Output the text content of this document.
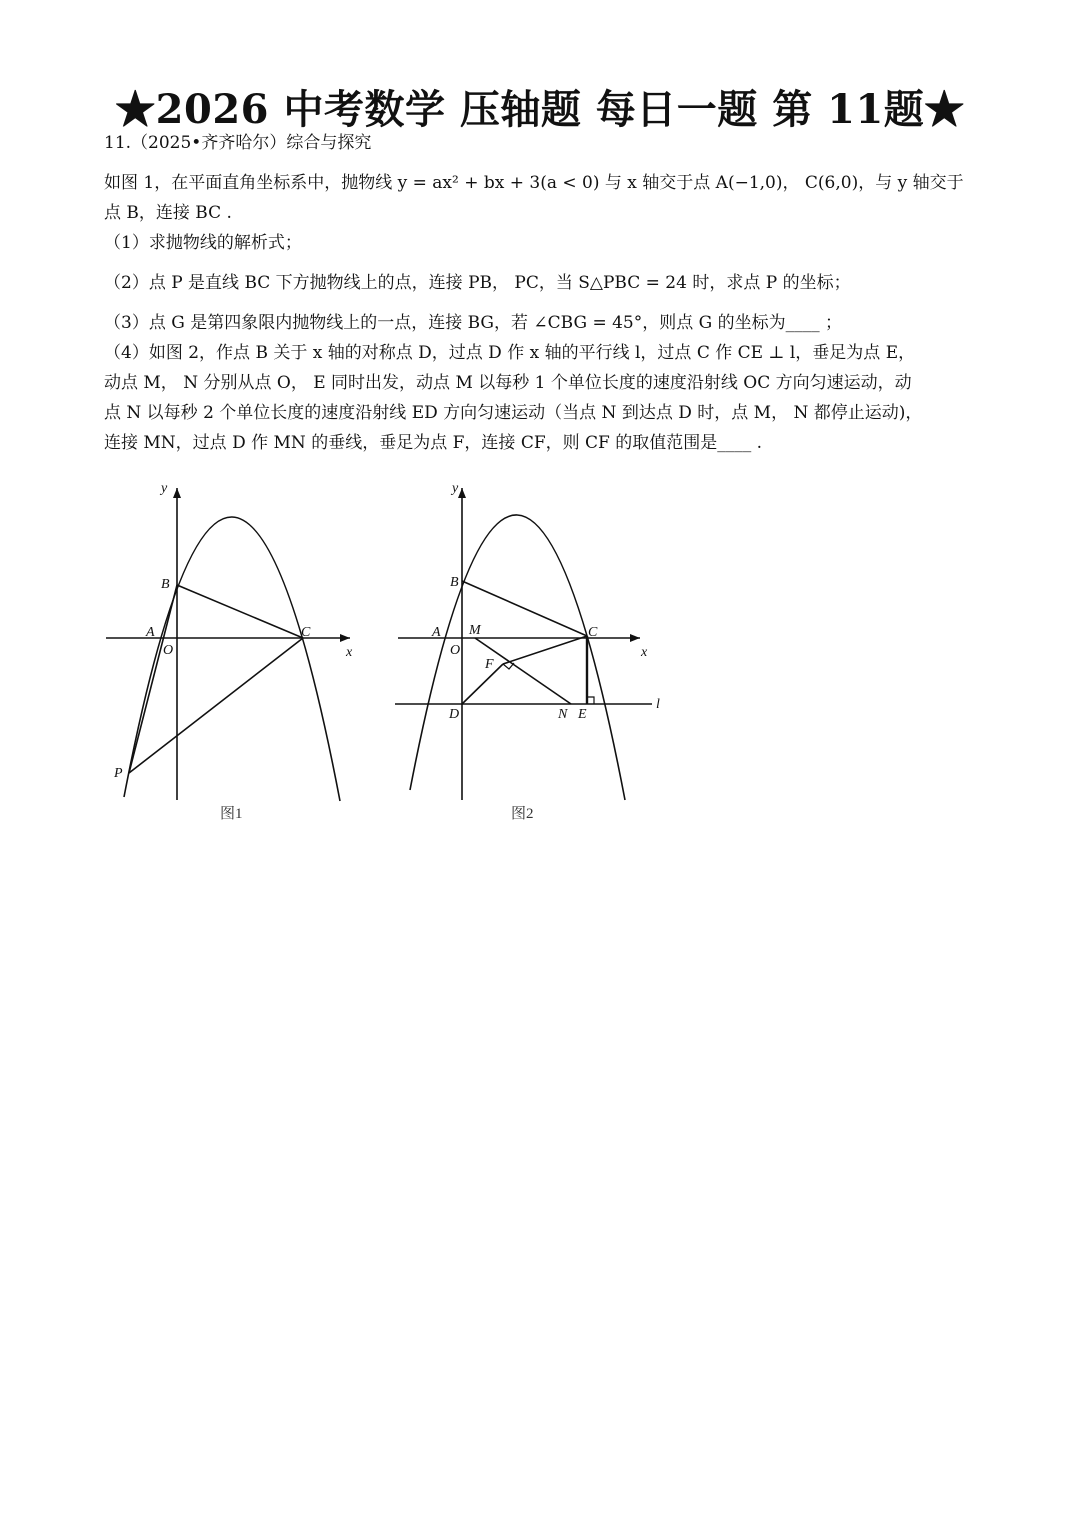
★2026 中考数学 压轴题 每日一题 第 11题★

11.（2025•齐齐哈尔）综合与探究

如图 1，在平面直角坐标系中，抛物线 y = ax² + bx + 3(a < 0) 与 x 轴交于点 A(−1,0)， C(6,0)，与 y 轴交于

点 B，连接 BC .

（1）求抛物线的解析式；

（2）点 P 是直线 BC 下方抛物线上的点，连接 PB， PC，当 S△PBC = 24 时，求点 P 的坐标；

（3）点 G 是第四象限内抛物线上的一点，连接 BG，若 ∠CBG = 45°，则点 G 的坐标为____ ；

（4）如图 2，作点 B 关于 x 轴的对称点 D，过点 D 作 x 轴的平行线 l，过点 C 作 CE ⊥ l，垂足为点 E，

动点 M， N 分别从点 O， E 同时出发，动点 M 以每秒 1 个单位长度的速度沿射线 OC 方向匀速运动，动

点 N 以每秒 2 个单位长度的速度沿射线 ED 方向匀速运动（当点 N 到达点 D 时，点 M， N 都停止运动)，

连接 MN，过点 D 作 MN 的垂线，垂足为点 F，连接 CF，则 CF 的取值范围是____ .

y
x
A
O
B
C
P
图1
y
x
A
O
M
B
C
F
D	N E
l
图2
